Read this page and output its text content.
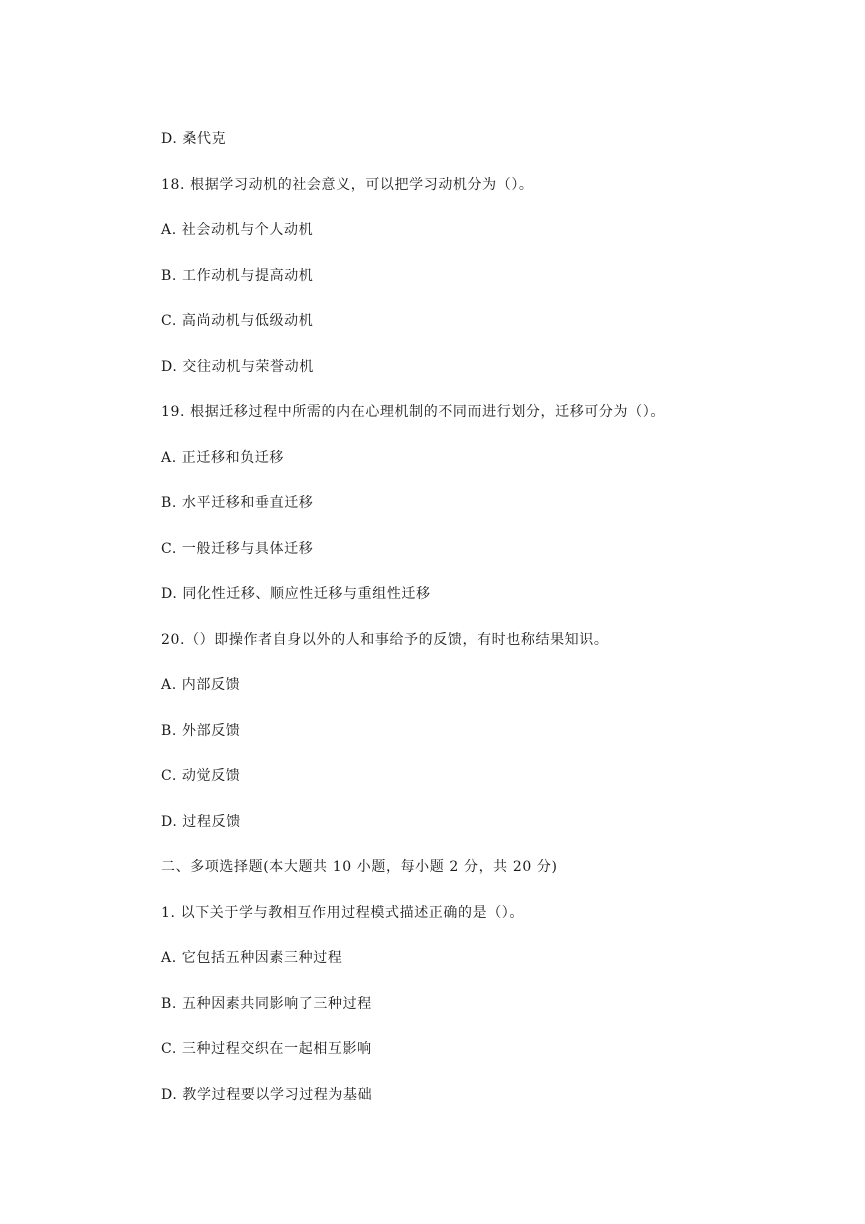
D. 桑代克
18. 根据学习动机的社会意义，可以把学习动机分为（）。
A. 社会动机与个人动机
B. 工作动机与提高动机
C. 高尚动机与低级动机
D. 交往动机与荣誉动机
19. 根据迁移过程中所需的内在心理机制的不同而进行划分，迁移可分为（）。
A. 正迁移和负迁移
B. 水平迁移和垂直迁移
C. 一般迁移与具体迁移
D. 同化性迁移、顺应性迁移与重组性迁移
20.（）即操作者自身以外的人和事给予的反馈，有时也称结果知识。
A. 内部反馈
B. 外部反馈
C. 动觉反馈
D. 过程反馈
二、多项选择题(本大题共 10 小题，每小题 2 分，共 20 分)
1. 以下关于学与教相互作用过程模式描述正确的是（）。
A. 它包括五种因素三种过程
B. 五种因素共同影响了三种过程
C. 三种过程交织在一起相互影响
D. 教学过程要以学习过程为基础
